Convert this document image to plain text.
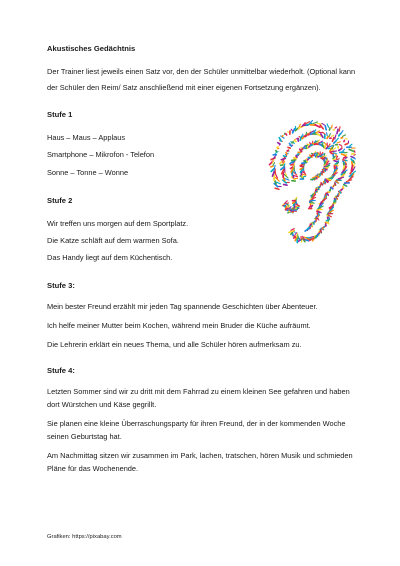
Akustisches Gedächtnis
Der Trainer liest jeweils einen Satz vor, den der Schüler unmittelbar wiederholt. (Optional kann der Schüler den Reim/ Satz anschließend mit einer eigenen Fortsetzung ergänzen).
Stufe 1
Haus – Maus – Applaus
Smartphone – Mikrofon - Telefon
Sonne – Tonne – Wonne
Stufe 2
Wir treffen uns morgen auf dem Sportplatz.
Die Katze schläft auf dem warmen Sofa.
Das Handy liegt auf dem Küchentisch.
Stufe 3:
Mein bester Freund erzählt mir jeden Tag spannende Geschichten über Abenteuer.
Ich helfe meiner Mutter beim Kochen, während mein Bruder die Küche aufräumt.
Die Lehrerin erklärt ein neues Thema, und alle Schüler hören aufmerksam zu.
Stufe 4:
Letzten Sommer sind wir zu dritt mit dem Fahrrad zu einem kleinen See gefahren und haben dort Würstchen und Käse gegrillt.
Sie planen eine kleine Überraschungsparty für ihren Freund, der in der kommenden Woche seinen Geburtstag hat.
Am Nachmittag sitzen wir zusammen im Park, lachen, tratschen, hören Musik und schmieden Pläne für das Wochenende.
Grafiken: https://pixabay.com
